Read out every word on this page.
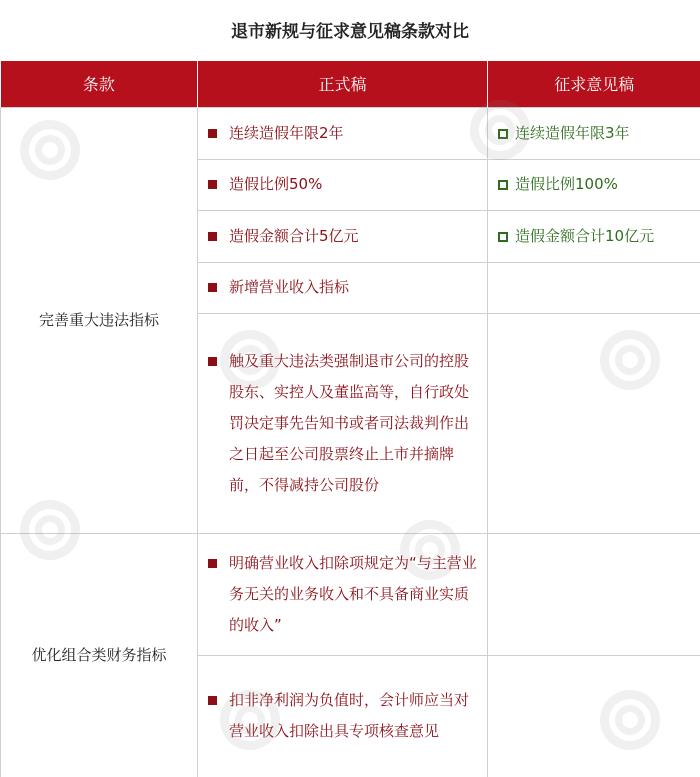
退市新规与征求意见稿条款对比
条款	正式稿	征求意见稿
完善重大违法指标	连续造假年限2年	连续造假年限3年

	造假比例50%	造假比例100%

	造假金额合计5亿元	造假金额合计10亿元

	新增营业收入指标	

	触及重大违法类强制退市公司的控股股东、实控人及董监高等，自行政处罚决定事先告知书或者司法裁判作出之日起至公司股票终止上市并摘牌前，不得减持公司股份	

优化组合类财务指标	明确营业收入扣除项规定为“与主营业务无关的业务收入和不具备商业实质的收入”	

	扣非净利润为负值时，会计师应当对营业收入扣除出具专项核查意见	
